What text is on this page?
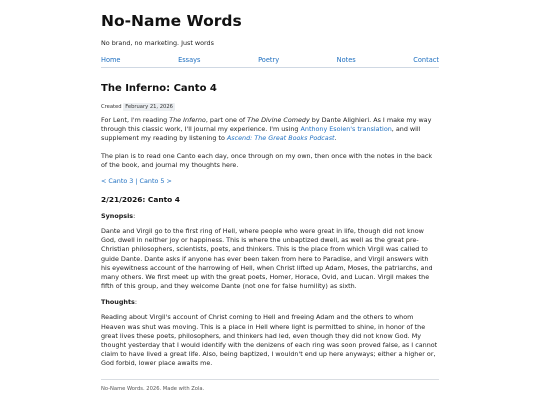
No-Name Words

No brand, no marketing. Just words

Home	Essays	Poetry	Notes	Contact
The Inferno: Canto 4
Created February 21, 2026

For Lent, I'm reading The Inferno, part one of The Divine Comedy by Dante Alighieri. As I make my way through this classic work, I'll journal my experience. I'm using Anthony Esolen's translation, and will supplement my reading by listening to Ascend: The Great Books Podcast.

The plan is to read one Canto each day, once through on my own, then once with the notes in the back of the book, and journal my thoughts here.

< Canto 3 | Canto 5 >
2/21/2026: Canto 4
Synopsis:

Dante and Virgil go to the first ring of Hell, where people who were great in life, though did not know God, dwell in neither joy or happiness. This is where the unbaptized dwell, as well as the great pre-Christian philosophers, scientists, poets, and thinkers. This is the place from which Virgil was called to guide Dante. Dante asks if anyone has ever been taken from here to Paradise, and Virgil answers with his eyewitness account of the harrowing of Hell, when Christ lifted up Adam, Moses, the patriarchs, and many others. We first meet up with the great poets, Homer, Horace, Ovid, and Lucan. Virgil makes the fifth of this group, and they welcome Dante (not one for false humility) as sixth.

Thoughts:

Reading about Virgil's account of Christ coming to Hell and freeing Adam and the others to whom Heaven was shut was moving. This is a place in Hell where light is permitted to shine, in honor of the great lives these poets, philosophers, and thinkers had led, even though they did not know God. My thought yesterday that I would identify with the denizens of each ring was soon proved false, as I cannot claim to have lived a great life. Also, being baptized, I wouldn't end up here anyways; either a higher or, God forbid, lower place awaits me.

No-Name Words. 2026. Made with Zola.
